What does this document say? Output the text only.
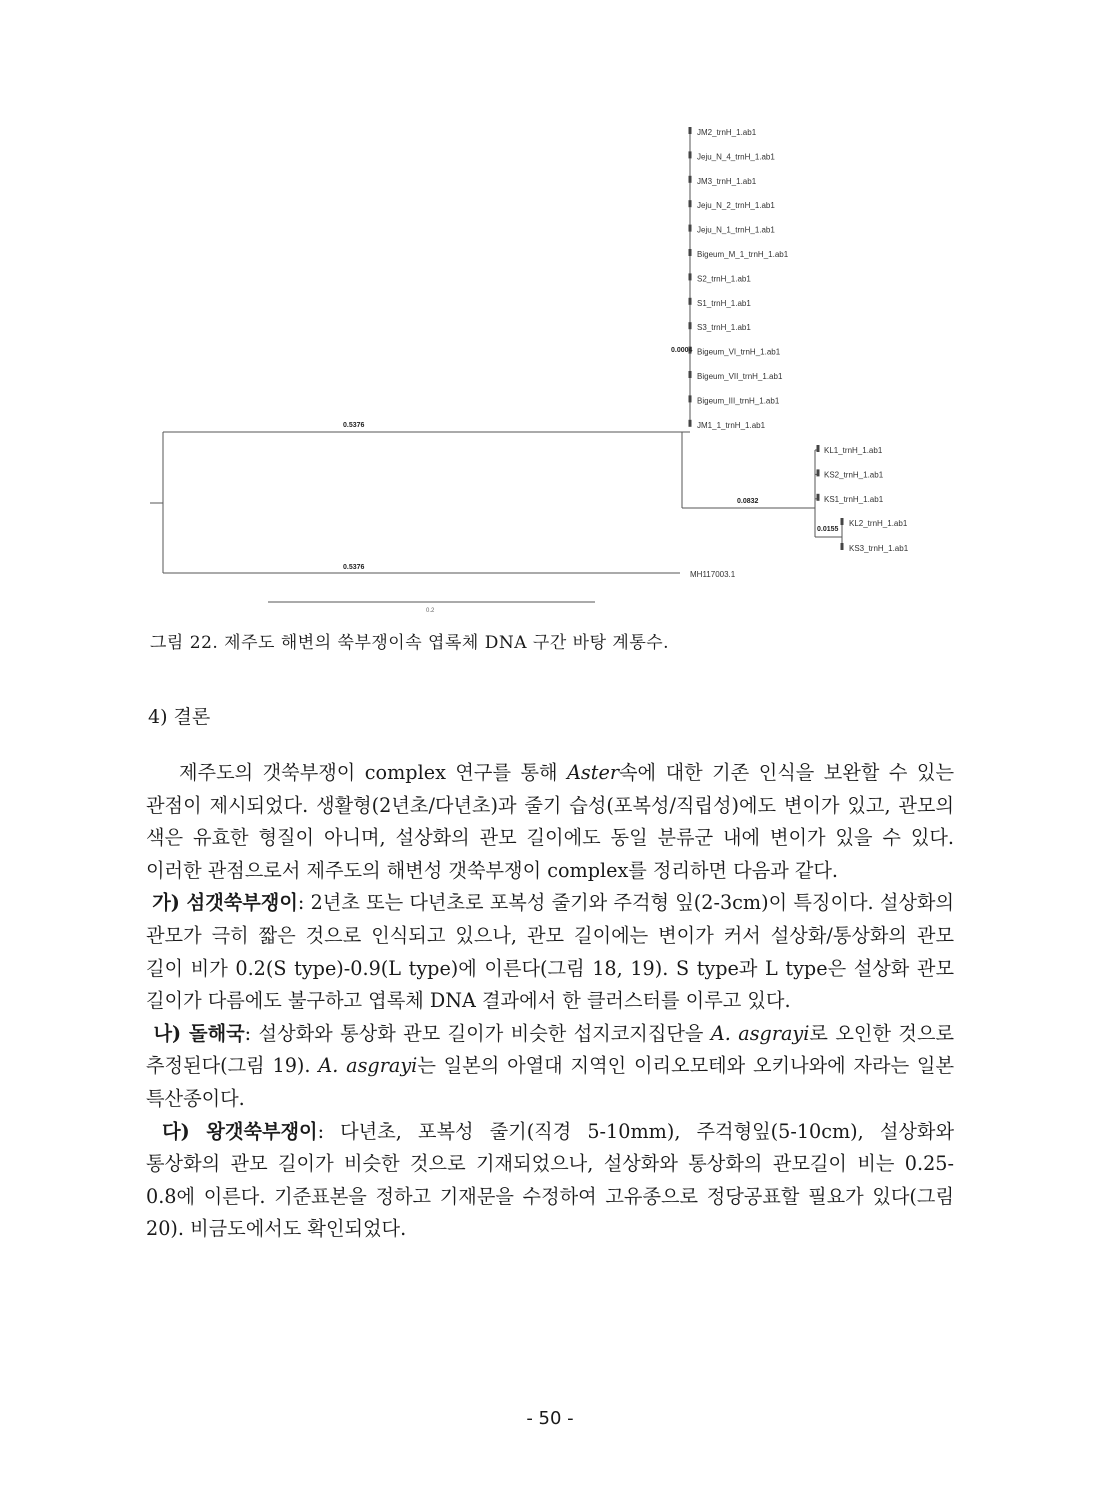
JM2_trnH_1.ab1
Jeju_N_4_trnH_1.ab1
JM3_trnH_1.ab1
Jeju_N_2_trnH_1.ab1
Jeju_N_1_trnH_1.ab1
Bigeum_M_1_trnH_1.ab1
S2_trnH_1.ab1
S1_trnH_1.ab1
S3_trnH_1.ab1
Bigeum_VI_trnH_1.ab1
Bigeum_VII_trnH_1.ab1
Bigeum_III_trnH_1.ab1
JM1_1_trnH_1.ab1
KL1_trnH_1.ab1
KS2_trnH_1.ab1
KS1_trnH_1.ab1
KL2_trnH_1.ab1
KS3_trnH_1.ab1
0.5376
0.5376
0.0832
0.0155
0.0004
MH117003.1
0.2
그림 22. 제주도 해변의 쑥부쟁이속 엽록체 DNA 구간 바탕 계통수.
4) 결론

제주도의 갯쑥부쟁이 complex 연구를 통해 Aster속에 대한 기존 인식을 보완할 수 있는 관점이 제시되었다. 생활형(2년초/다년초)과 줄기 습성(포복성/직립성)에도 변이가 있고, 관모의 색은 유효한 형질이 아니며, 설상화의 관모 길이에도 동일 분류군 내에 변이가 있을 수 있다. 이러한 관점으로서 제주도의 해변성 갯쑥부쟁이 complex를 정리하면 다음과 같다.

가) 섬갯쑥부쟁이: 2년초 또는 다년초로 포복성 줄기와 주걱형 잎(2-3cm)이 특징이다. 설상화의 관모가 극히 짧은 것으로 인식되고 있으나, 관모 길이에는 변이가 커서 설상화/통상화의 관모 길이 비가 0.2(S type)-0.9(L type)에 이른다(그림 18, 19). S type과 L type은 설상화 관모 길이가 다름에도 불구하고 엽록체 DNA 결과에서 한 클러스터를 이루고 있다.

나) 돌해국: 설상화와 통상화 관모 길이가 비슷한 섭지코지집단을 A. asgrayi로 오인한 것으로 추정된다(그림 19). A. asgrayi는 일본의 아열대 지역인 이리오모테와 오키나와에 자라는 일본 특산종이다.

다) 왕갯쑥부쟁이: 다년초, 포복성 줄기(직경 5-10mm), 주걱형잎(5-10cm), 설상화와 통상화의 관모 길이가 비슷한 것으로 기재되었으나, 설상화와 통상화의 관모길이 비는 0.25-0.8에 이른다. 기준표본을 정하고 기재문을 수정하여 고유종으로 정당공표할 필요가 있다(그림 20). 비금도에서도 확인되었다.

- 50 -
